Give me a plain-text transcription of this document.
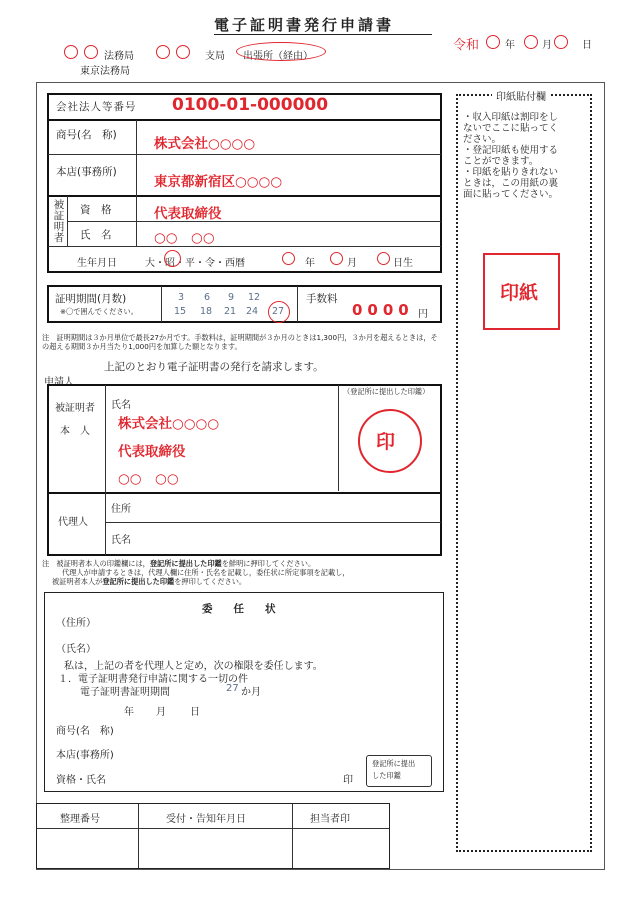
電子証明書発行申請書
令和	年	月	日
法務局	支局 出張所（経由）
東京法務局
会社法人等番号 0100-01-000000
商号(名　称)
株式会社○○○○
本店(事務所)
東京都新宿区○○○○
被
証
明
者
資　格	代表取締役
氏　名	○○　○○
生年月日	大・昭・平・令・西暦	年	月	日生
証明期間(月数)
※〇で囲んでください。
3 6 9 12
15 18 21 24 27
手数料
0000 円
注　証明期間は３か月単位で最長27か月です。手数料は，証明期間が３か月のときは1,300円，３か月を超えるときは，その超える期間３か月当たり1,000円を加算した額となります。
上記のとおり電子証明書の発行を請求します。
申請人
被証明者
本　人
氏名
株式会社○○○○
代表取締役
○○　○○
（登記所に提出した印鑑）
印
代理人
住所
氏名
注　被証明者本人の印鑑欄には，登記所に提出した印鑑を鮮明に押印してください。
代理人が申請するときは，代理人欄に住所・氏名を記載し，委任状に所定事項を記載し，
被証明者本人が登記所に提出した印鑑を押印してください。
委　　任　　状
（住所）
（氏名）
私は，上記の者を代理人と定め，次の権限を委任します。
１．電子証明書発行申請に関する一切の件
電子証明書証明期間	27 か月
年 月 日
商号(名　称)
本店(事務所)
資格・氏名	印
登記所に提出
した印鑑
整理番号	受付・告知年月日	担当者印
印紙貼付欄
・収入印紙は割印をし
ないでここに貼ってく
ださい。
・登記印紙も使用する
ことができます。
・印紙を貼りきれない
ときは，この用紙の裏
面に貼ってください。
印紙
